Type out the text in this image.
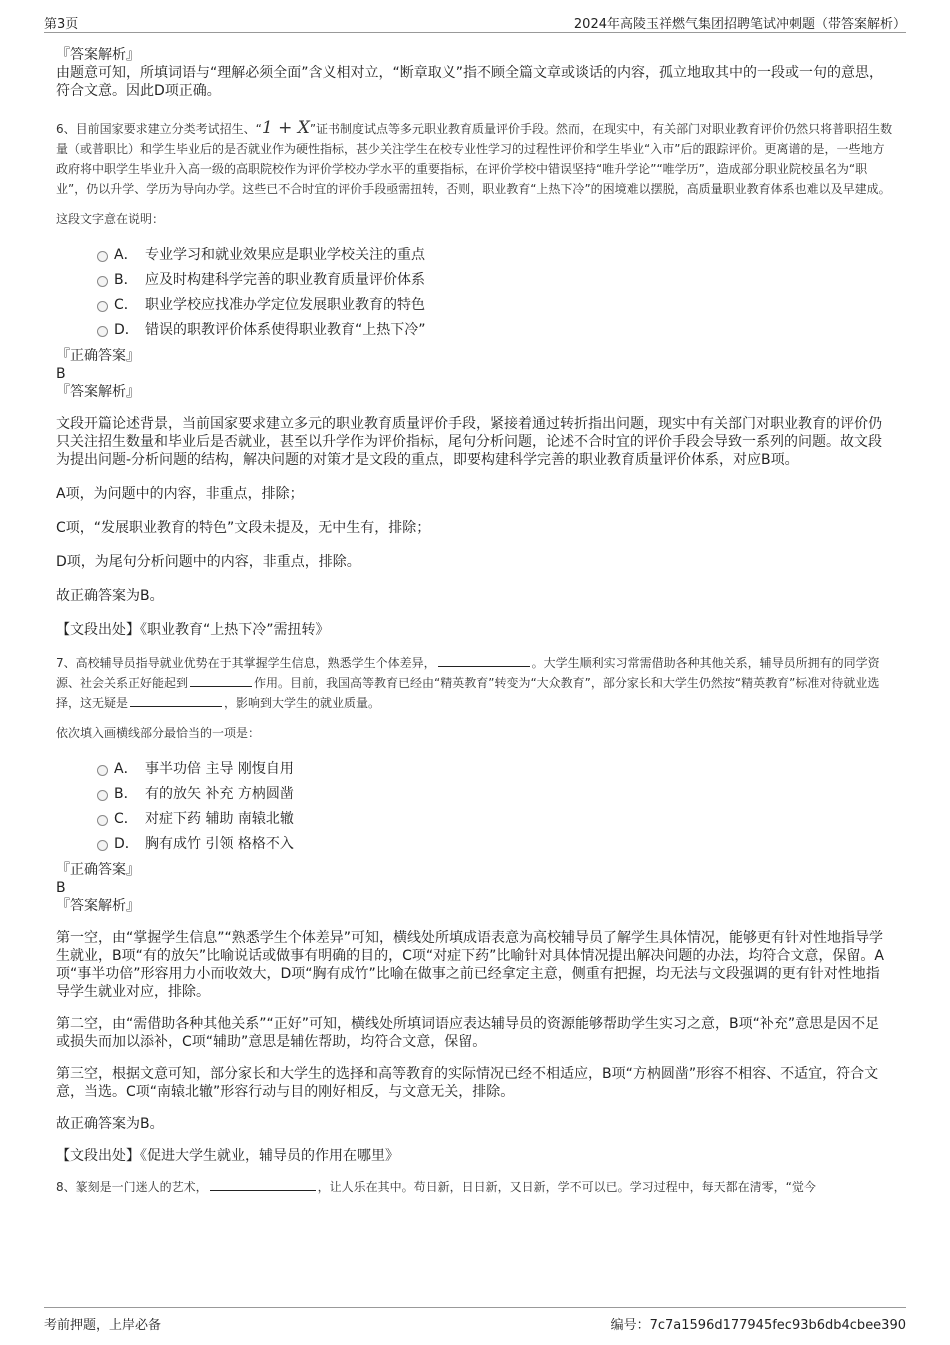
第3页	2024年高陵玉祥燃气集团招聘笔试冲刺题（带答案解析）

『答案解析』

由题意可知，所填词语与“理解必须全面”含义相对立，“断章取义”指不顾全篇文章或谈话的内容，孤立地取其中的一段或一句的意思，符合文意。因此D项正确。

6、目前国家要求建立分类考试招生、“1 + X”证书制度试点等多元职业教育质量评价手段。然而，在现实中，有关部门对职业教育评价仍然只将普职招生数量（或普职比）和学生毕业后的是否就业作为硬性指标，甚少关注学生在校专业性学习的过程性评价和学生毕业“入市”后的跟踪评价。更离谱的是，一些地方政府将中职学生毕业升入高一级的高职院校作为评价学校办学水平的重要指标，在评价学校中错误坚持“唯升学论”“唯学历”，造成部分职业院校虽名为“职业”，仍以升学、学历为导向办学。这些已不合时宜的评价手段亟需扭转，否则，职业教育“上热下冷”的困境难以摆脱，高质量职业教育体系也难以及早建成。

这段文字意在说明：

A． 专业学习和就业效果应是职业学校关注的重点
B． 应及时构建科学完善的职业教育质量评价体系
C． 职业学校应找准办学定位发展职业教育的特色
D． 错误的职教评价体系使得职业教育“上热下冷”

『正确答案』

B

『答案解析』

文段开篇论述背景，当前国家要求建立多元的职业教育质量评价手段，紧接着通过转折指出问题，现实中有关部门对职业教育的评价仍只关注招生数量和毕业后是否就业，甚至以升学作为评价指标，尾句分析问题，论述不合时宜的评价手段会导致一系列的问题。故文段为提出问题-分析问题的结构，解决问题的对策才是文段的重点，即要构建科学完善的职业教育质量评价体系，对应B项。

A项，为问题中的内容，非重点，排除；

C项，“发展职业教育的特色”文段未提及，无中生有，排除；

D项，为尾句分析问题中的内容，非重点，排除。

故正确答案为B。

【文段出处】《职业教育“上热下冷”需扭转》

7、高校辅导员指导就业优势在于其掌握学生信息，熟悉学生个体差异，	。大学生顺利实习常需借助各种其他关系，辅导员所拥有的同学资源、社会关系正好能起到	作用。目前，我国高等教育已经由“精英教育”转变为“大众教育”，部分家长和大学生仍然按“精英教育”标准对待就业选择，这无疑是	，影响到大学生的就业质量。

依次填入画横线部分最恰当的一项是：

A． 事半功倍 主导 刚愎自用
B． 有的放矢 补充 方枘圆凿
C． 对症下药 辅助 南辕北辙
D． 胸有成竹 引领 格格不入

『正确答案』

B

『答案解析』

第一空，由“掌握学生信息”“熟悉学生个体差异”可知，横线处所填成语表意为高校辅导员了解学生具体情况，能够更有针对性地指导学生就业，B项“有的放矢”比喻说话或做事有明确的目的，C项“对症下药”比喻针对具体情况提出解决问题的办法，均符合文意，保留。A项“事半功倍”形容用力小而收效大，D项“胸有成竹”比喻在做事之前已经拿定主意，侧重有把握，均无法与文段强调的更有针对性地指导学生就业对应，排除。

第二空，由“需借助各种其他关系”“正好”可知，横线处所填词语应表达辅导员的资源能够帮助学生实习之意，B项“补充”意思是因不足或损失而加以添补，C项“辅助”意思是辅佐帮助，均符合文意，保留。

第三空，根据文意可知，部分家长和大学生的选择和高等教育的实际情况已经不相适应，B项“方枘圆凿”形容不相容、不适宜，符合文意，当选。C项“南辕北辙”形容行动与目的刚好相反，与文意无关，排除。

故正确答案为B。

【文段出处】《促进大学生就业，辅导员的作用在哪里》

8、篆刻是一门迷人的艺术，	，让人乐在其中。苟日新，日日新，又日新，学不可以已。学习过程中，每天都在清零，“觉今

考前押题，上岸必备	编号：7c7a1596d177945fec93b6db4cbee390
